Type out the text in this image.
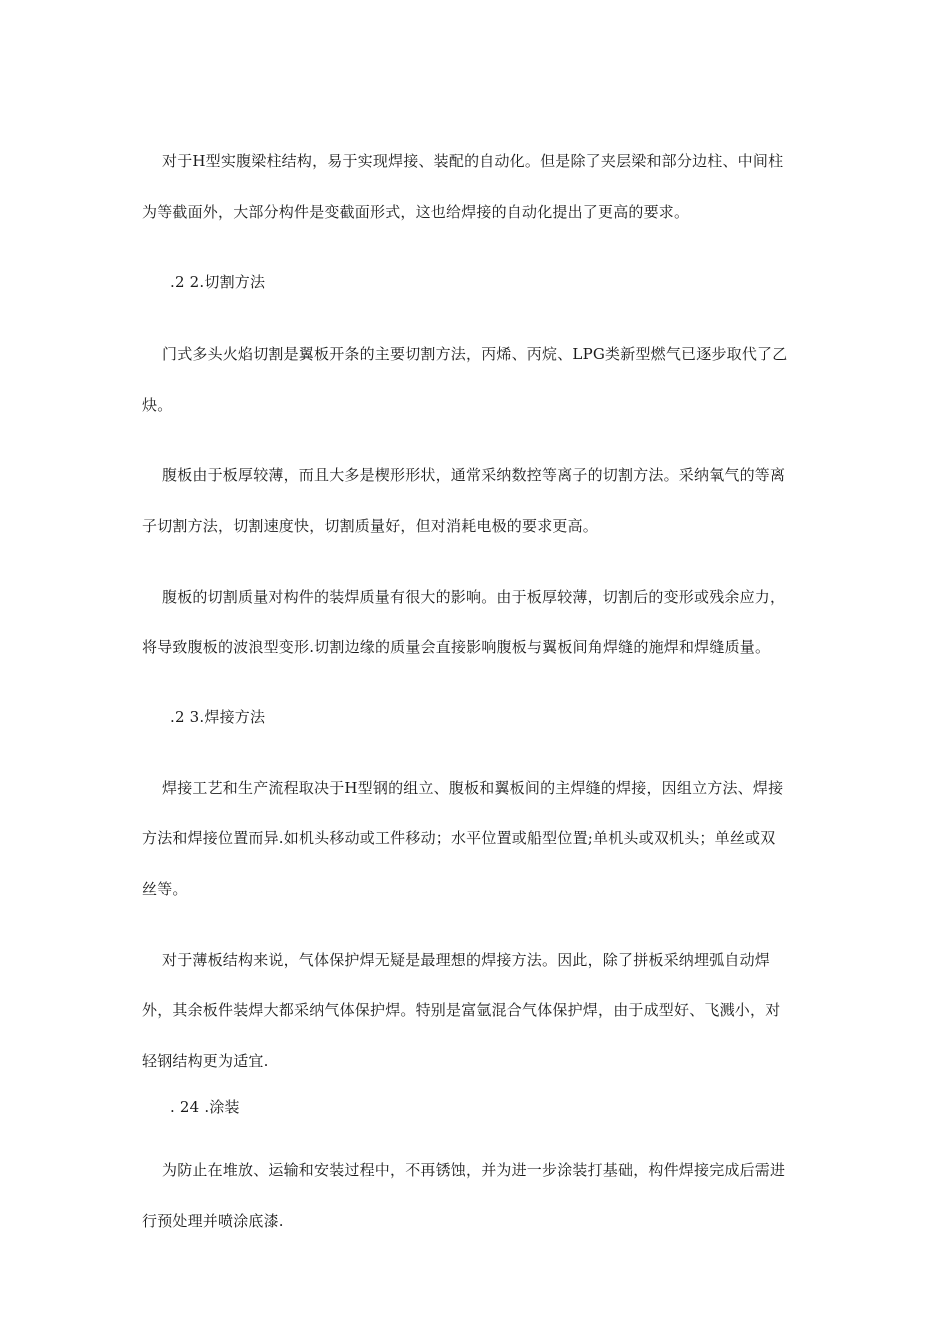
对于H型实腹梁柱结构，易于实现焊接、装配的自动化。但是除了夹层梁和部分边柱、中间柱

为等截面外，大部分构件是变截面形式，这也给焊接的自动化提出了更高的要求。

.2 2.切割方法

门式多头火焰切割是翼板开条的主要切割方法，丙烯、丙烷、LPG类新型燃气已逐步取代了乙

炔。

腹板由于板厚较薄，而且大多是楔形形状，通常采纳数控等离子的切割方法。采纳氧气的等离

子切割方法，切割速度快，切割质量好，但对消耗电极的要求更高。

腹板的切割质量对构件的装焊质量有很大的影响。由于板厚较薄，切割后的变形或残余应力，

将导致腹板的波浪型变形.切割边缘的质量会直接影响腹板与翼板间角焊缝的施焊和焊缝质量。

.2 3.焊接方法

焊接工艺和生产流程取决于H型钢的组立、腹板和翼板间的主焊缝的焊接，因组立方法、焊接

方法和焊接位置而异.如机头移动或工件移动；水平位置或船型位置;单机头或双机头；单丝或双

丝等。

对于薄板结构来说，气体保护焊无疑是最理想的焊接方法。因此，除了拼板采纳埋弧自动焊

外，其余板件装焊大都采纳气体保护焊。特别是富氩混合气体保护焊，由于成型好、飞溅小，对

轻钢结构更为适宜.

. 24 .涂装

为防止在堆放、运输和安装过程中，不再锈蚀，并为进一步涂装打基础，构件焊接完成后需进

行预处理并喷涂底漆.
